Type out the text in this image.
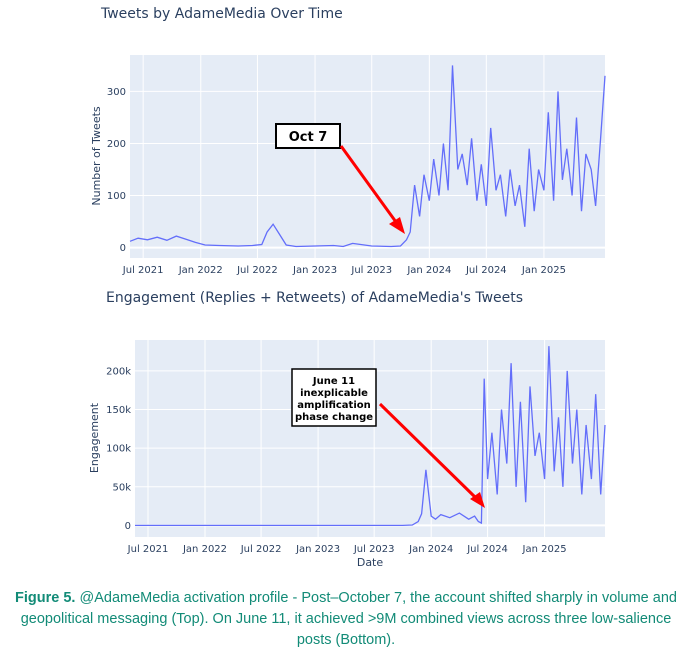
Tweets by AdameMedia Over Time
Jul 2021 Jan 2022 Jul 2022 Jan 2023 Jul 2023 Jan 2024 Jul 2024 Jan 2025
0
100
200
300
Number of Tweets	Oct 7
Engagement (Replies + Retweets) of AdameMedia's Tweets
Jul 2021 Jan 2022 Jul 2022 Jan 2023 Jul 2023 Jan 2024 Jul 2024 Jan 2025
0
50k
100k
150k
200k
Engagement
Date
June 11
inexplicable
amplification
phase change
Figure 5. @AdameMedia activation profile - Post–October 7, the account shifted sharply in volume and geopolitical messaging (Top). On June 11, it achieved >9M combined views across three low-salience posts (Bottom).
